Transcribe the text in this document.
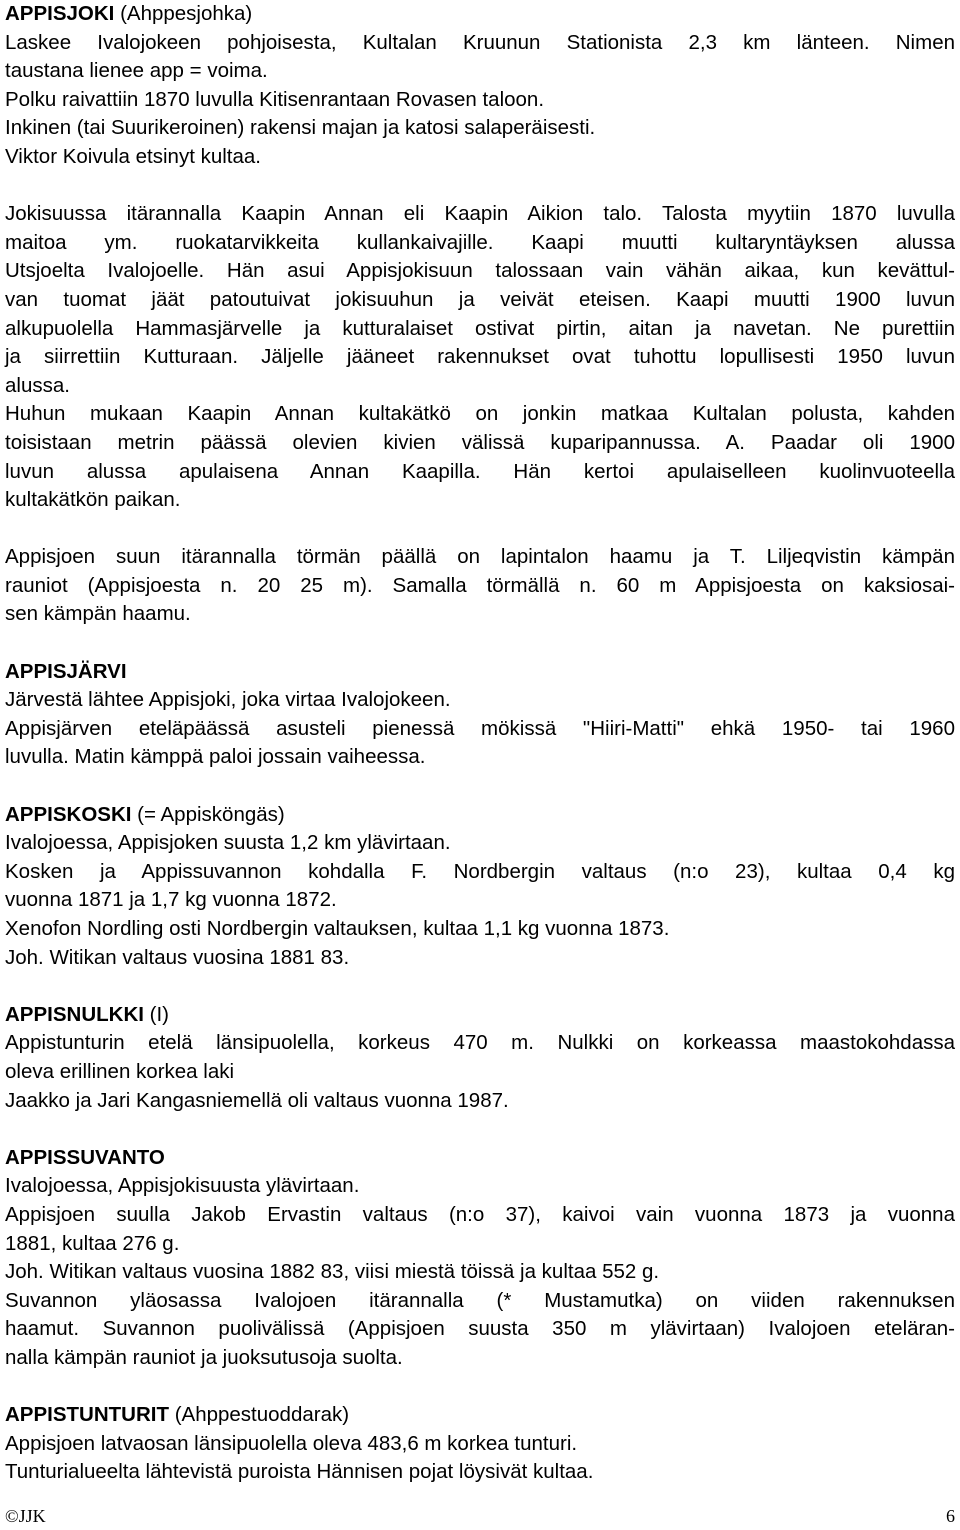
APPISJOKI (Ahppesjohka)
Laskee Ivalojokeen pohjoisesta, Kultalan Kruunun Stationista 2,3 km länteen. Nimen
taustana lienee app = voima.
Polku raivattiin 1870 luvulla Kitisenrantaan Rovasen taloon.
Inkinen (tai Suurikeroinen) rakensi majan ja katosi salaperäisesti.
Viktor Koivula etsinyt kultaa.
Jokisuussa itärannalla Kaapin Annan eli Kaapin Aikion talo. Talosta myytiin 1870 luvulla
maitoa ym. ruokatarvikkeita kullankaivajille. Kaapi muutti kultaryntäyksen alussa
Utsjoelta Ivalojoelle. Hän asui Appisjokisuun talossaan vain vähän aikaa, kun kevättul-
van tuomat jäät patoutuivat jokisuuhun ja veivät eteisen. Kaapi muutti 1900 luvun
alkupuolella Hammasjärvelle ja kutturalaiset ostivat pirtin, aitan ja navetan. Ne purettiin
ja siirrettiin Kutturaan. Jäljelle jääneet rakennukset ovat tuhottu lopullisesti 1950 luvun
alussa.
Huhun mukaan Kaapin Annan kultakätkö on jonkin matkaa Kultalan polusta, kahden
toisistaan metrin päässä olevien kivien välissä kuparipannussa. A. Paadar oli 1900
luvun alussa apulaisena Annan Kaapilla. Hän kertoi apulaiselleen kuolinvuoteella
kultakätkön paikan.
Appisjoen suun itärannalla törmän päällä on lapintalon haamu ja T. Liljeqvistin kämpän
rauniot (Appisjoesta n. 20 25 m). Samalla törmällä n. 60 m Appisjoesta on kaksiosai-
sen kämpän haamu.
APPISJÄRVI
Järvestä lähtee Appisjoki, joka virtaa Ivalojokeen.
Appisjärven eteläpäässä asusteli pienessä mökissä "Hiiri-Matti" ehkä 1950- tai 1960
luvulla. Matin kämppä paloi jossain vaiheessa.
APPISKOSKI (= Appisköngäs)
Ivalojoessa, Appisjoken suusta 1,2 km ylävirtaan.
Kosken ja Appissuvannon kohdalla F. Nordbergin valtaus (n:o 23), kultaa 0,4 kg
vuonna 1871 ja 1,7 kg vuonna 1872.
Xenofon Nordling osti Nordbergin valtauksen, kultaa 1,1 kg vuonna 1873.
Joh. Witikan valtaus vuosina 1881 83.
APPISNULKKI (I)
Appistunturin etelä länsipuolella, korkeus 470 m. Nulkki on korkeassa maastokohdassa
oleva erillinen korkea laki
Jaakko ja Jari Kangasniemellä oli valtaus vuonna 1987.
APPISSUVANTO
Ivalojoessa, Appisjokisuusta ylävirtaan.
Appisjoen suulla Jakob Ervastin valtaus (n:o 37), kaivoi vain vuonna 1873 ja vuonna
1881, kultaa 276 g.
Joh. Witikan valtaus vuosina 1882 83, viisi miestä töissä ja kultaa 552 g.
Suvannon yläosassa Ivalojoen itärannalla (* Mustamutka) on viiden rakennuksen
haamut. Suvannon puolivälissä (Appisjoen suusta 350 m ylävirtaan) Ivalojoen eteläran-
nalla kämpän rauniot ja juoksutusoja suolta.
APPISTUNTURIT (Ahppestuoddarak)
Appisjoen latvaosan länsipuolella oleva 483,6 m korkea tunturi.
Tunturialueelta lähtevistä puroista Hännisen pojat löysivät kultaa.
©JJK	6
